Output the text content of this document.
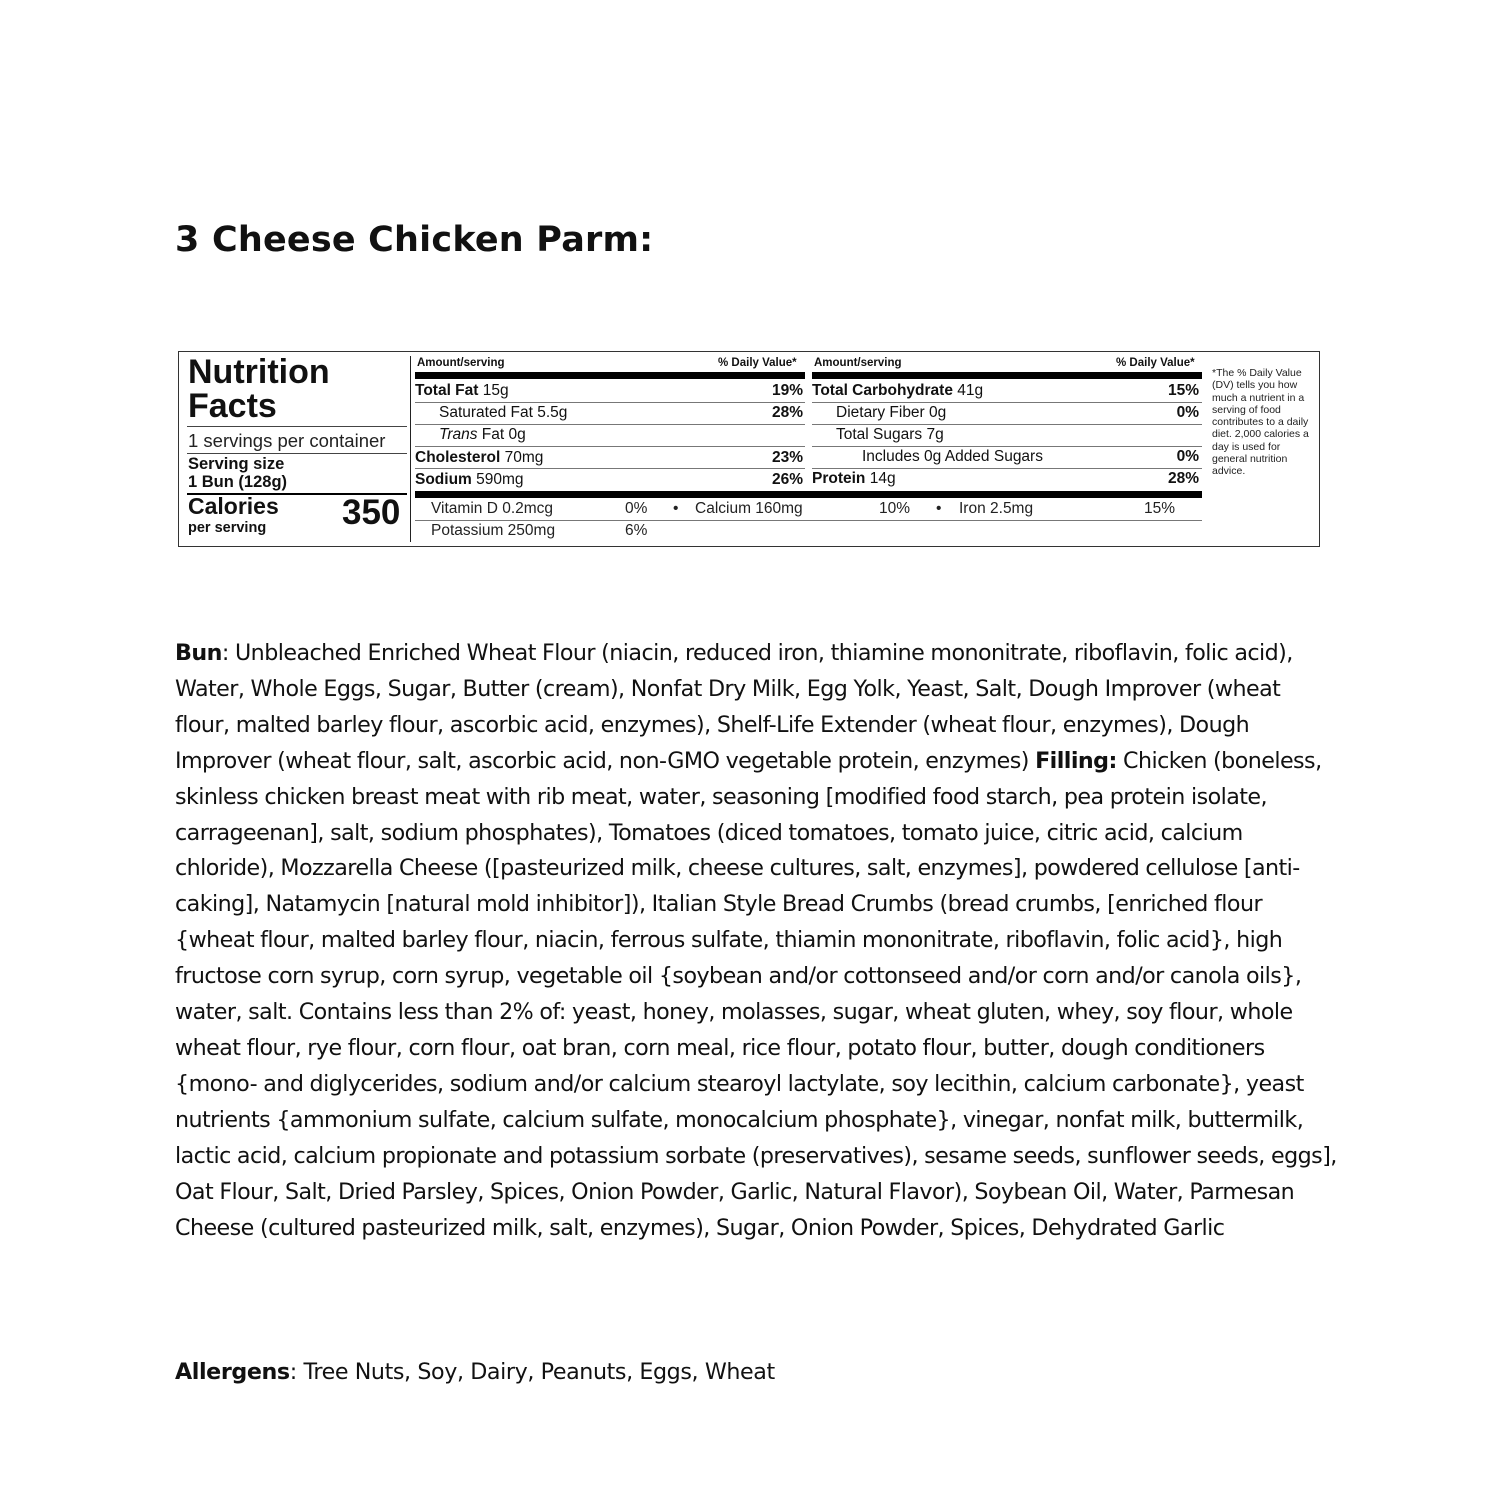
3 Cheese Chicken Parm:
Nutrition
Facts
1 servings per container
Serving size
1 Bun (128g)
Calories
per serving 350
Amount/serving	% Daily Value*
Total Fat 15g	19%
Saturated Fat 5.5g	28%
Trans Fat 0g
Cholesterol 70mg	23%
Sodium 590mg	26%
Amount/serving	% Daily Value*
Total Carbohydrate 41g	15%
Dietary Fiber 0g	0%
Total Sugars 7g
Includes 0g Added Sugars	0%
Protein 14g	28%
Vitamin D 0.2mcg	0% • Calcium 160mg	10% • Iron 2.5mg	15%
Potassium 250mg	6%
*The % Daily Value (DV) tells you how much a nutrient in a serving of food contributes to a daily diet. 2,000 calories a day is used for general nutrition advice.
Bun: Unbleached Enriched Wheat Flour (niacin, reduced iron, thiamine mononitrate, riboflavin, folic acid), Water, Whole Eggs, Sugar, Butter (cream), Nonfat Dry Milk, Egg Yolk, Yeast, Salt, Dough Improver (wheat flour, malted barley flour, ascorbic acid, enzymes), Shelf-Life Extender (wheat flour, enzymes), Dough Improver (wheat flour, salt, ascorbic acid, non-GMO vegetable protein, enzymes) Filling: Chicken (boneless, skinless chicken breast meat with rib meat, water, seasoning [modified food starch, pea protein isolate, carrageenan], salt, sodium phosphates), Tomatoes (diced tomatoes, tomato juice, citric acid, calcium chloride), Mozzarella Cheese ([pasteurized milk, cheese cultures, salt, enzymes], powdered cellulose [anti-caking], Natamycin [natural mold inhibitor]), Italian Style Bread Crumbs (bread crumbs, [enriched flour {wheat flour, malted barley flour, niacin, ferrous sulfate, thiamin mononitrate, riboflavin, folic acid}, high fructose corn syrup, corn syrup, vegetable oil {soybean and/or cottonseed and/or corn and/or canola oils}, water, salt. Contains less than 2% of: yeast, honey, molasses, sugar, wheat gluten, whey, soy flour, whole wheat flour, rye flour, corn flour, oat bran, corn meal, rice flour, potato flour, butter, dough conditioners {mono- and diglycerides, sodium and/or calcium stearoyl lactylate, soy lecithin, calcium carbonate}, yeast nutrients {ammonium sulfate, calcium sulfate, monocalcium phosphate}, vinegar, nonfat milk, buttermilk, lactic acid, calcium propionate and potassium sorbate (preservatives), sesame seeds, sunflower seeds, eggs], Oat Flour, Salt, Dried Parsley, Spices, Onion Powder, Garlic, Natural Flavor), Soybean Oil, Water, Parmesan Cheese (cultured pasteurized milk, salt, enzymes), Sugar, Onion Powder, Spices, Dehydrated Garlic
Allergens: Tree Nuts, Soy, Dairy, Peanuts, Eggs, Wheat
